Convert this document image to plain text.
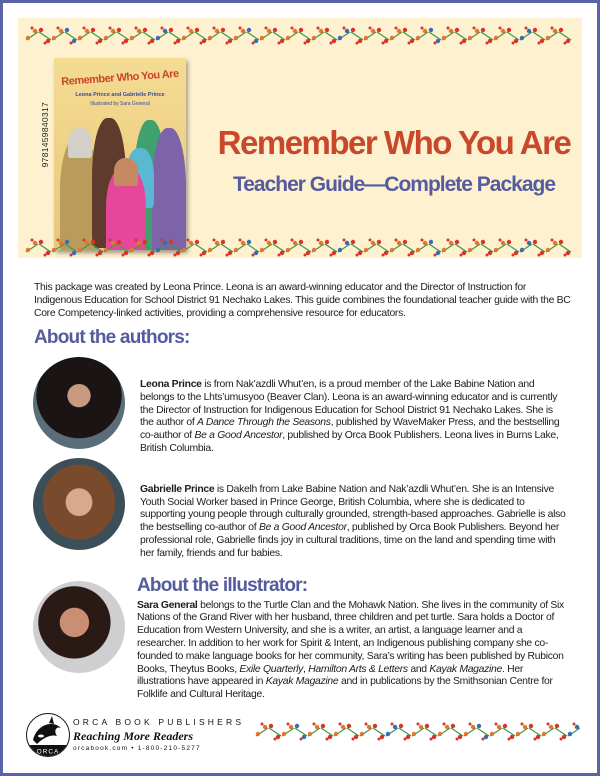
9781459840317
Remember Who You Are
Leona Prince and Gabrielle Prince
Illustrated by Sara General
Remember Who You Are
Teacher Guide—Complete Package

This package was created by Leona Prince. Leona is an award-winning educator and the Director of Instruction for Indigenous Education for School District 91 Nechako Lakes. This guide combines the foundational teacher guide with the BC Core Competency-linked activities, providing a comprehensive resource for educators.

About the authors:
Leona Prince is from Nak’azdli Whut’en, is a proud member of the Lake Babine Nation and belongs to the Lhts’umusyoo (Beaver Clan). Leona is an award-winning educator and is currently the Director of Instruction for Indigenous Education for School District 91 Nechako Lakes. She is the author of A Dance Through the Seasons, published by WaveMaker Press, and the bestselling co-author of Be a Good Ancestor, published by Orca Book Publishers. Leona lives in Burns Lake, British Columbia.
Gabrielle Prince is Dakelh from Lake Babine Nation and Nak’azdli Whut’en. She is an Intensive Youth Social Worker based in Prince George, British Columbia, where she is dedicated to supporting young people through culturally grounded, strength-based approaches. Gabrielle is also the bestselling co-author of Be a Good Ancestor, published by Orca Book Publishers. Beyond her professional role, Gabrielle finds joy in cultural traditions, time on the land and spending time with her family, friends and fur babies.
About the illustrator:
Sara General belongs to the Turtle Clan and the Mohawk Nation. She lives in the community of Six Nations of the Grand River with her husband, three children and pet turtle. Sara holds a Doctor of Education from Western University, and she is a writer, an artist, a language learner and a researcher. In addition to her work for Spirit & Intent, an Indigenous publishing company she co-founded to make language books for her community, Sara’s writing has been published by Rubicon Books, Theytus Books, Exile Quarterly, Hamilton Arts & Letters and Kayak Magazine. Her illustrations have appeared in Kayak Magazine and in publications by the Smithsonian Centre for Folklife and Cultural Heritage.
ORCA
ORCA BOOK PUBLISHERS
Reaching More Readers
orcabook.com • 1-800-210-5277
